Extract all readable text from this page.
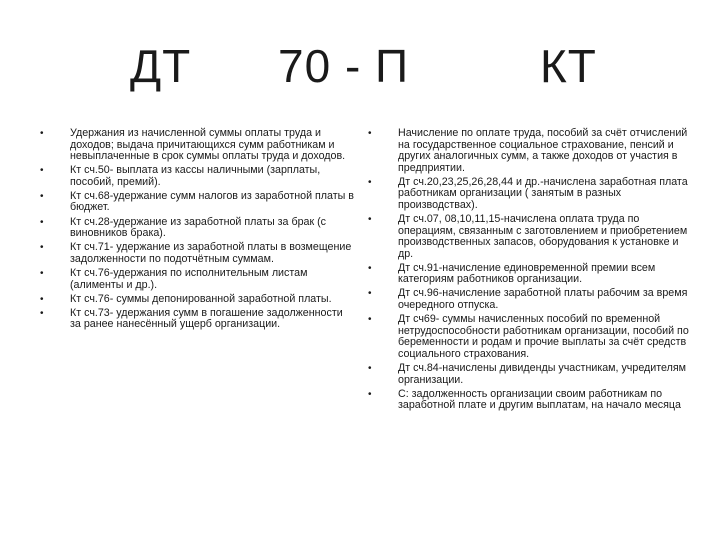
ДТ 70 - П	КТ
•	Удержания из начисленной суммы оплаты труда и доходов; выдача причитающихся сумм работникам и невыплаченные в срок суммы оплаты труда и доходов.
•	Кт сч.50- выплата из кассы наличными (зарплаты, пособий, премий).
•	Кт сч.68-удержание сумм налогов из заработной платы в бюджет.
•	Кт сч.28-удержание из заработной платы за брак (с виновников брака).
•	Кт сч.71- удержание из заработной платы в возмещение задолженности по подотчётным суммам.
•	Кт сч.76-удержания по исполнительным листам (алименты и др.).
•	Кт сч.76- суммы депонированной заработной платы.
•	Кт сч.73- удержания сумм в погашение задолженности за ранее нанесённый ущерб организации.
•	Начисление по оплате труда, пособий за счёт отчислений на государственное социальное страхование, пенсий и других аналогичных сумм, а также доходов от участия в предприятии.
•	Дт сч.20,23,25,26,28,44 и др.-начислена заработная плата работникам организации ( занятым в разных производствах).
•	Дт сч.07, 08,10,11,15-начислена оплата труда по операциям, связанным с заготовлением и приобретением производственных запасов, оборудования к установке и др.
•	Дт сч.91-начисление единовременной премии всем категориям работников организации.
•	Дт сч.96-начисление заработной платы рабочим за время очередного отпуска.
•	Дт сч69- суммы начисленных пособий по временной нетрудоспособности работникам организации, пособий по беременности и родам и прочие выплаты за счёт средств социального страхования.
•	Дт сч.84-начислены дивиденды участникам, учредителям организации.
•	С: задолженность организации своим работникам по заработной плате и другим выплатам, на начало месяца
